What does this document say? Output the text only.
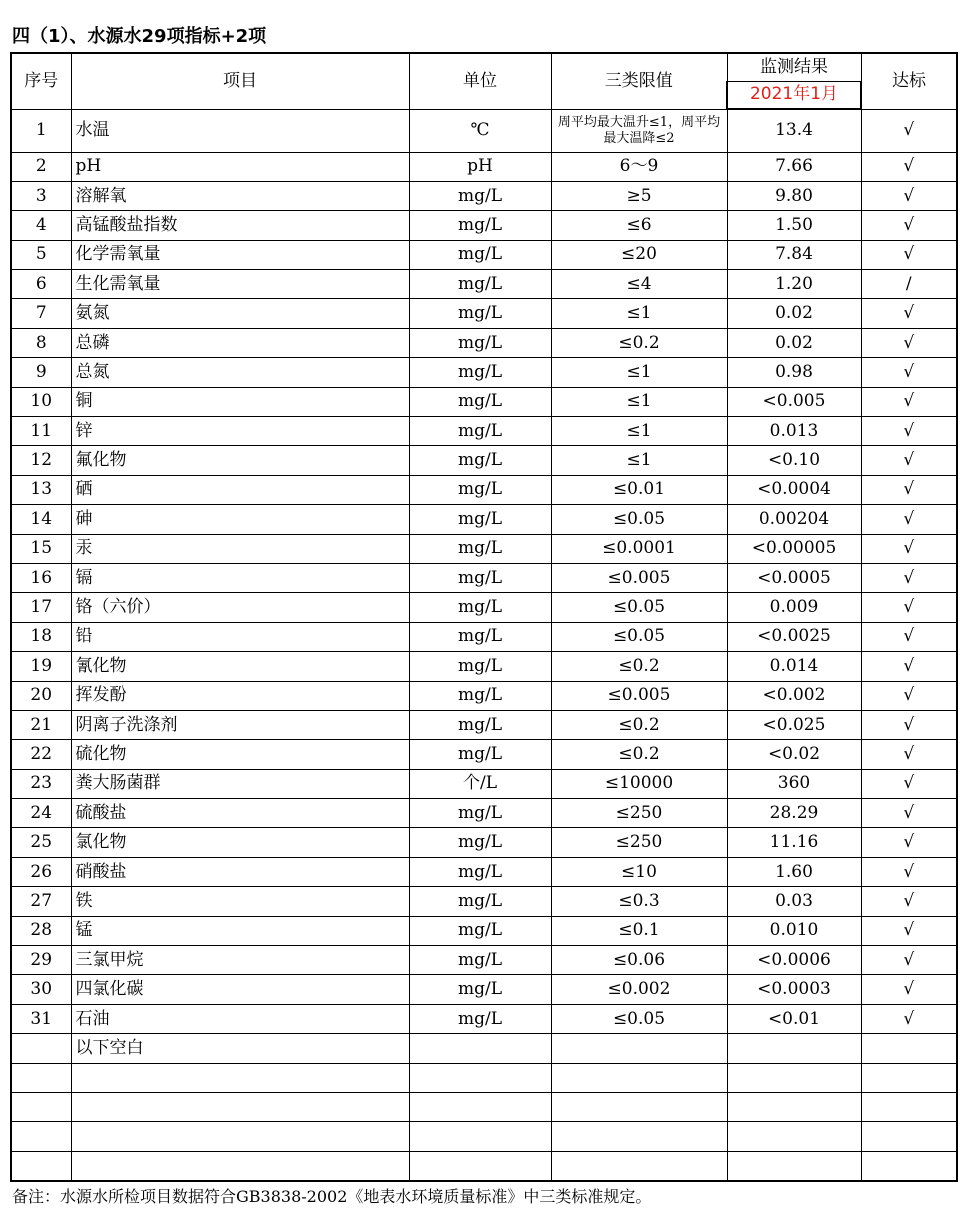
四（1）、水源水29项指标+2项
序号	项目	单位	三类限值	监测结果	达标
				2021年1月	
1	水温	℃	周平均最大温升≤1，周平均最大温降≤2	13.4	√
2	pH	pH	6～9	7.66	√
3	溶解氧	mg/L	≥5	9.80	√
4	高锰酸盐指数	mg/L	≤6	1.50	√
5	化学需氧量	mg/L	≤20	7.84	√
6	生化需氧量	mg/L	≤4	1.20	/
7	氨氮	mg/L	≤1	0.02	√
8	总磷	mg/L	≤0.2	0.02	√
9	总氮	mg/L	≤1	0.98	√
10	铜	mg/L	≤1	<0.005	√
11	锌	mg/L	≤1	0.013	√
12	氟化物	mg/L	≤1	<0.10	√
13	硒	mg/L	≤0.01	<0.0004	√
14	砷	mg/L	≤0.05	0.00204	√
15	汞	mg/L	≤0.0001	<0.00005	√
16	镉	mg/L	≤0.005	<0.0005	√
17	铬（六价）	mg/L	≤0.05	0.009	√
18	铅	mg/L	≤0.05	<0.0025	√
19	氰化物	mg/L	≤0.2	0.014	√
20	挥发酚	mg/L	≤0.005	<0.002	√
21	阴离子洗涤剂	mg/L	≤0.2	<0.025	√
22	硫化物	mg/L	≤0.2	<0.02	√
23	粪大肠菌群	个/L	≤10000	360	√
24	硫酸盐	mg/L	≤250	28.29	√
25	氯化物	mg/L	≤250	11.16	√
26	硝酸盐	mg/L	≤10	1.60	√
27	铁	mg/L	≤0.3	0.03	√
28	锰	mg/L	≤0.1	0.010	√
29	三氯甲烷	mg/L	≤0.06	<0.0006	√
30	四氯化碳	mg/L	≤0.002	<0.0003	√
31	石油	mg/L	≤0.05	<0.01	√
	以下空白				

备注：水源水所检项目数据符合GB3838-2002《地表水环境质量标准》中三类标准规定。
